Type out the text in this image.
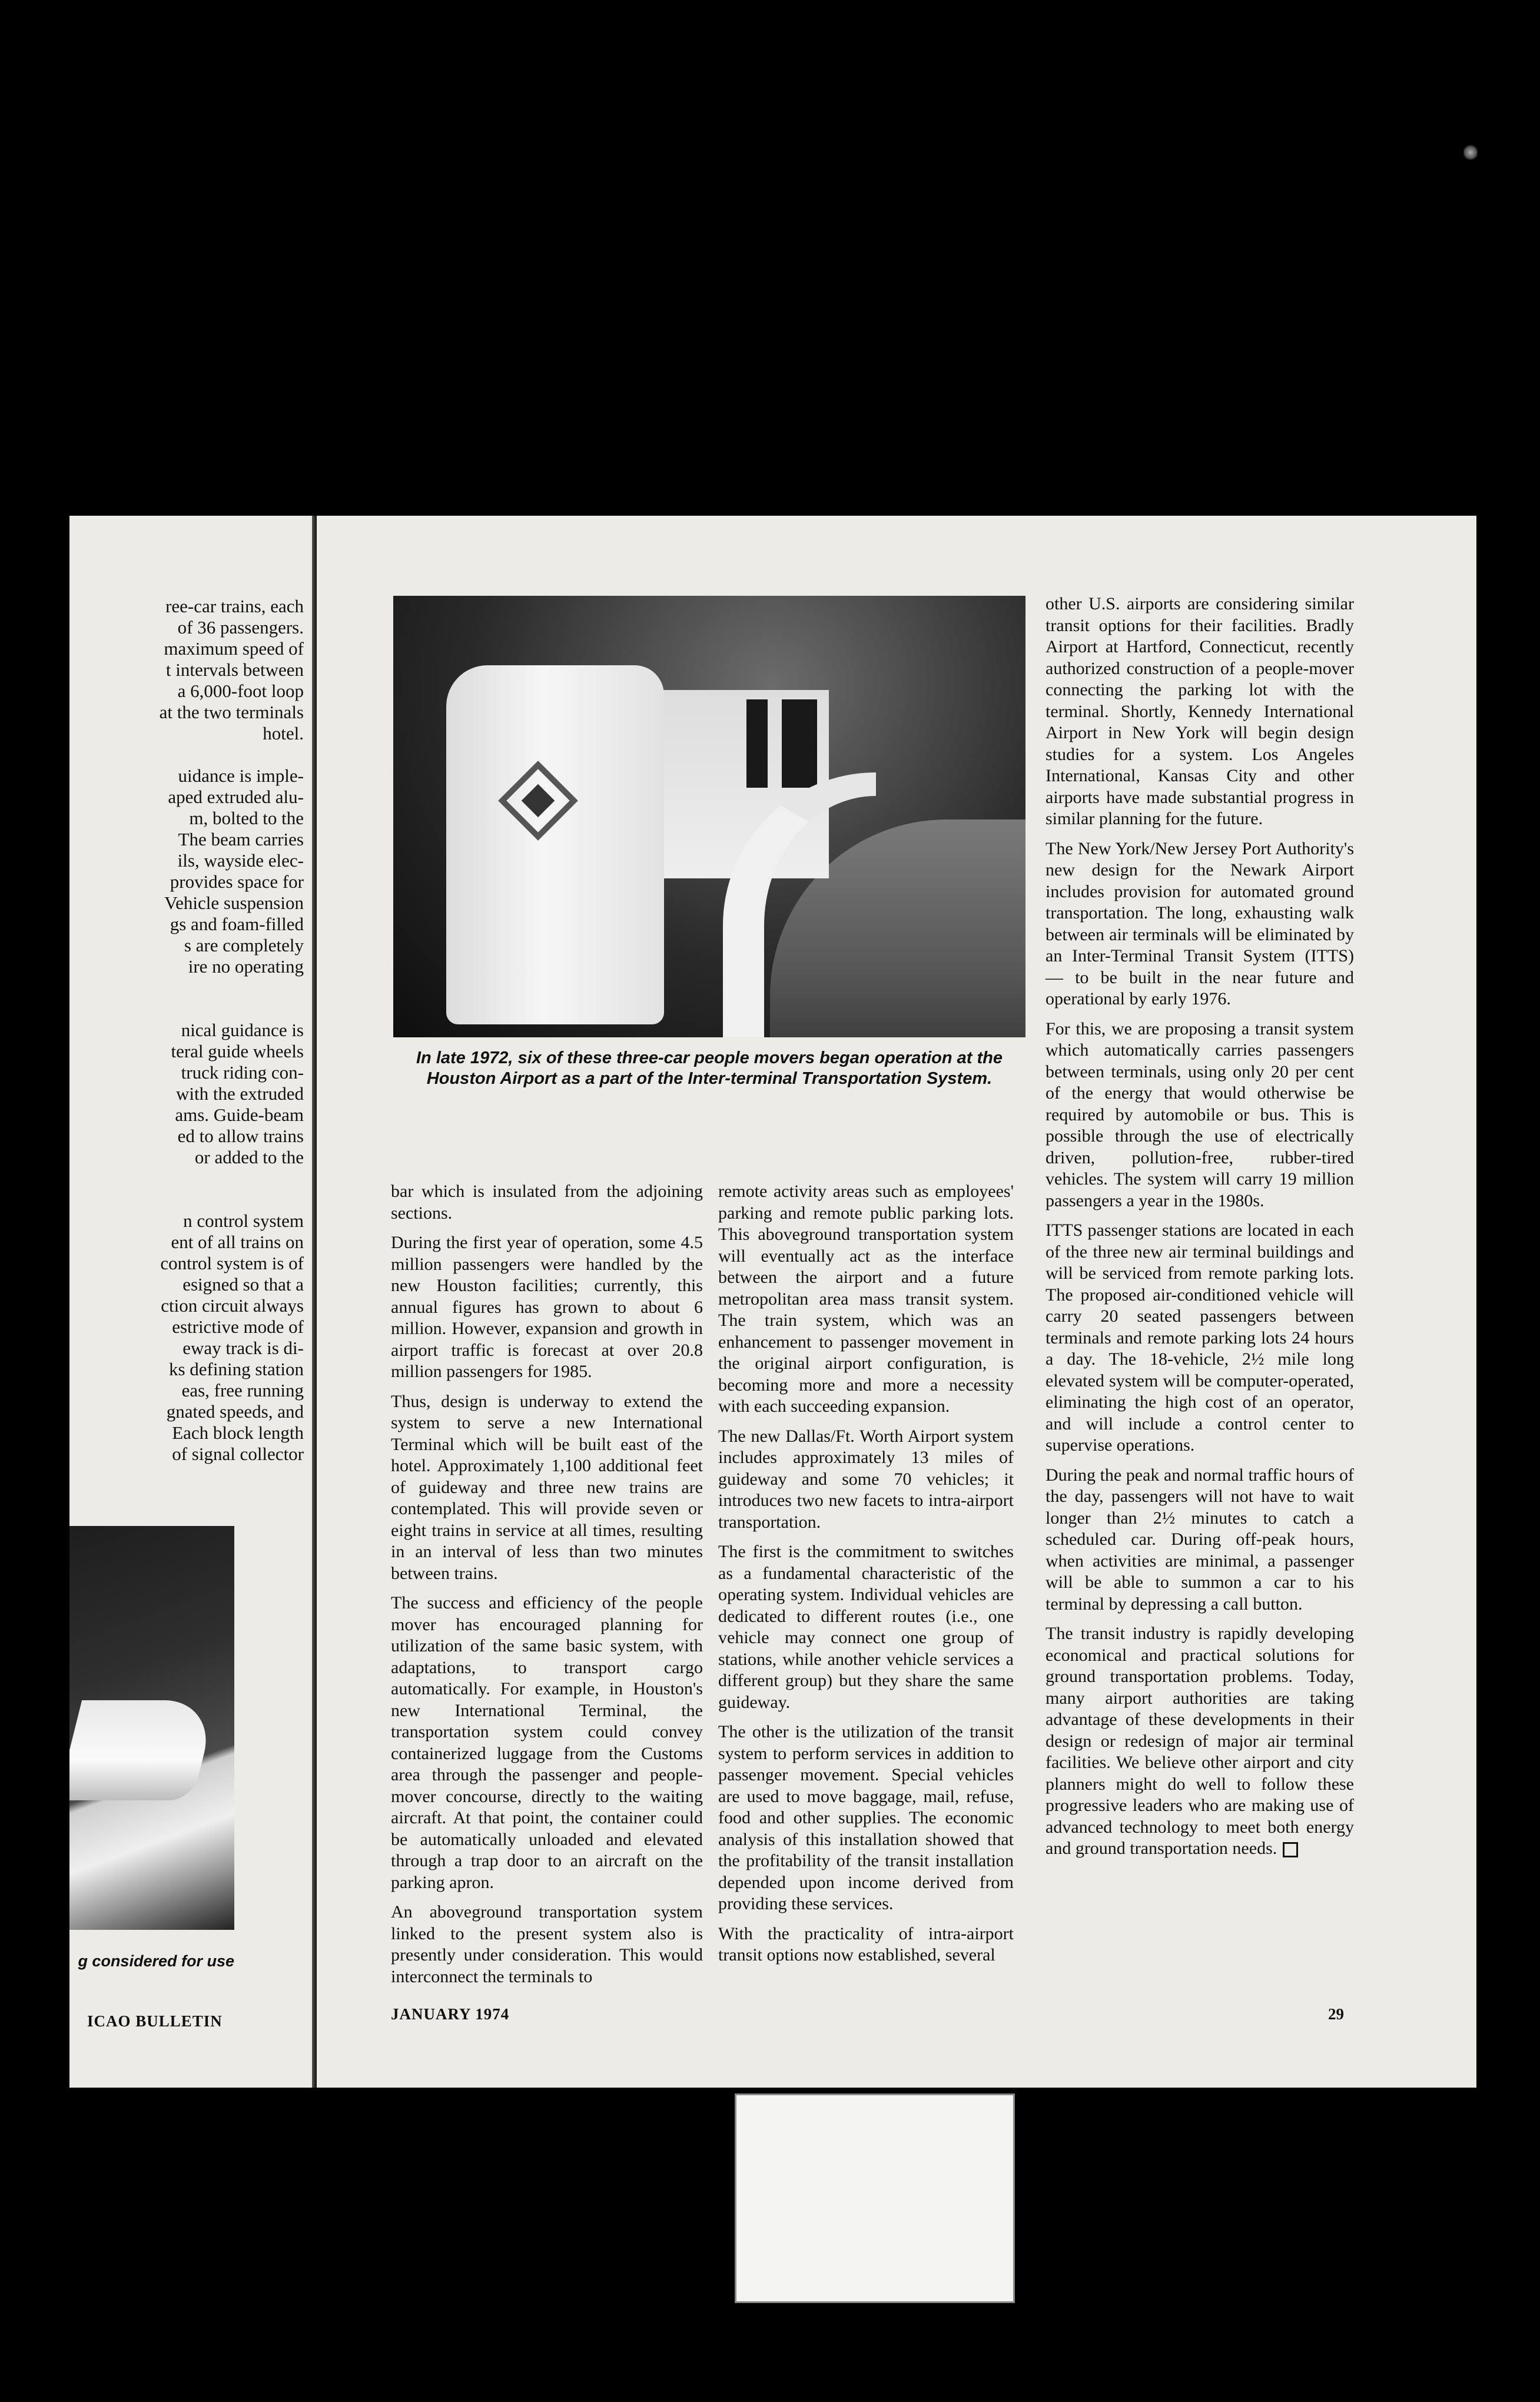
ree-car trains, each
of 36 passengers.
maximum speed of
t intervals between
a 6,000-foot loop
at the two terminals
hotel.

uidance is imple-
aped extruded alu-
m, bolted to the
The beam carries
ils, wayside elec-
provides space for
Vehicle suspension
gs and foam-filled
s are completely
ire no operating

nical guidance is
teral guide wheels
truck riding con-
with the extruded
ams. Guide-beam
ed to allow trains
or added to the

n control system
ent of all trains on
control system is of
esigned so that a
ction circuit always
estrictive mode of
eway track is di-
ks defining station
eas, free running
gnated speeds, and
Each block length
of signal collector
g considered for use
ICAO BULLETIN
In late 1972, six of these three-car people movers began operation at the Houston Airport as a part of the Inter-terminal Transportation System.

bar which is insulated from the adjoining sections.

During the first year of operation, some 4.5 million passengers were handled by the new Houston facilities; currently, this annual figures has grown to about 6 million. However, expansion and growth in airport traffic is forecast at over 20.8 million passengers for 1985.

Thus, design is underway to extend the system to serve a new International Terminal which will be built east of the hotel. Approximately 1,100 additional feet of guideway and three new trains are contemplated. This will provide seven or eight trains in service at all times, resulting in an interval of less than two minutes between trains.

The success and efficiency of the people mover has encouraged planning for utilization of the same basic system, with adaptations, to transport cargo automatically. For example, in Houston's new International Terminal, the transportation system could convey containerized luggage from the Customs area through the passenger and people-mover concourse, directly to the waiting aircraft. At that point, the container could be automatically unloaded and elevated through a trap door to an aircraft on the parking apron.

An aboveground transportation system linked to the present system also is presently under consideration. This would interconnect the terminals to

remote activity areas such as employees' parking and remote public parking lots. This aboveground transportation system will eventually act as the interface between the airport and a future metropolitan area mass transit system. The train system, which was an enhancement to passenger movement in the original airport configuration, is becoming more and more a necessity with each succeeding expansion.

The new Dallas/Ft. Worth Airport system includes approximately 13 miles of guideway and some 70 vehicles; it introduces two new facets to intra-airport transportation.

The first is the commitment to switches as a fundamental characteristic of the operating system. Individual vehicles are dedicated to different routes (i.e., one vehicle may connect one group of stations, while another vehicle services a different group) but they share the same guideway.

The other is the utilization of the transit system to perform services in addition to passenger movement. Special vehicles are used to move baggage, mail, refuse, food and other supplies. The economic analysis of this installation showed that the profitability of the transit installation depended upon income derived from providing these services.

With the practicality of intra-airport transit options now established, several

other U.S. airports are considering similar transit options for their facilities. Bradly Airport at Hartford, Connecticut, recently authorized construction of a people-mover connecting the parking lot with the terminal. Shortly, Kennedy International Airport in New York will begin design studies for a system. Los Angeles International, Kansas City and other airports have made substantial progress in similar planning for the future.

The New York/New Jersey Port Authority's new design for the Newark Airport includes provision for automated ground transportation. The long, exhausting walk between air terminals will be eliminated by an Inter-Terminal Transit System (ITTS) — to be built in the near future and operational by early 1976.

For this, we are proposing a transit system which automatically carries passengers between terminals, using only 20 per cent of the energy that would otherwise be required by automobile or bus. This is possible through the use of electrically driven, pollution-free, rubber-tired vehicles. The system will carry 19 million passengers a year in the 1980s.

ITTS passenger stations are located in each of the three new air terminal buildings and will be serviced from remote parking lots. The proposed air-conditioned vehicle will carry 20 seated passengers between terminals and remote parking lots 24 hours a day. The 18-vehicle, 2½ mile long elevated system will be computer-operated, eliminating the high cost of an operator, and will include a control center to supervise operations.

During the peak and normal traffic hours of the day, passengers will not have to wait longer than 2½ minutes to catch a scheduled car. During off-peak hours, when activities are minimal, a passenger will be able to summon a car to his terminal by depressing a call button.

The transit industry is rapidly developing economical and practical solutions for ground transportation problems. Today, many airport authorities are taking advantage of these developments in their design or redesign of major air terminal facilities. We believe other airport and city planners might do well to follow these progressive leaders who are making use of advanced technology to meet both energy and ground transportation needs.

JANUARY 1974	29
